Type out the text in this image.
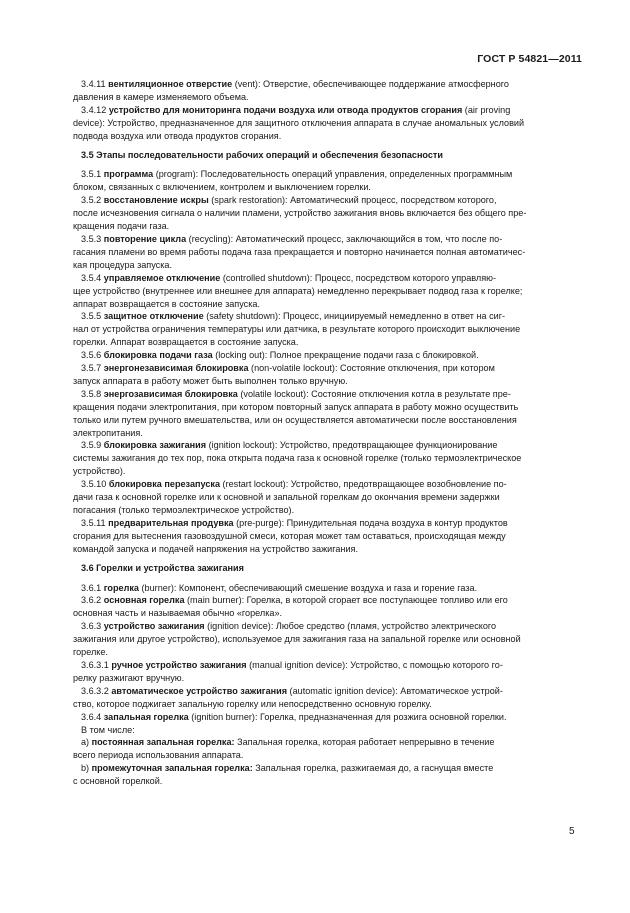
ГОСТ Р 54821—2011

3.4.11 вентиляционное отверстие (vent): Отверстие, обеспечивающее поддержание атмосферного
давления в камере изменяемого объема.

3.4.12 устройство для мониторинга подачи воздуха или отвода продуктов сгорания (air proving
device): Устройство, предназначенное для защитного отключения аппарата в случае аномальных условий
подвода воздуха или отвода продуктов сгорания.

3.5 Этапы последовательности рабочих операций и обеспечения безопасности

3.5.1 программа (program): Последовательность операций управления, определенных программным
блоком, связанных с включением, контролем и выключением горелки.

3.5.2 восстановление искры (spark restoration): Автоматический процесс, посредством которого,
после исчезновения сигнала о наличии пламени, устройство зажигания вновь включается без общего пре-
кращения подачи газа.

3.5.3 повторение цикла (recycling): Автоматический процесс, заключающийся в том, что после по-
гасания пламени во время работы подача газа прекращается и повторно начинается полная автоматичес-
кая процедура запуска.

3.5.4 управляемое отключение (controlled shutdown): Процесс, посредством которого управляю-
щее устройство (внутреннее или внешнее для аппарата) немедленно перекрывает подвод газа к горелке;
аппарат возвращается в состояние запуска.

3.5.5 защитное отключение (safety shutdown): Процесс, инициируемый немедленно в ответ на сиг-
нал от устройства ограничения температуры или датчика, в результате которого происходит выключение
горелки. Аппарат возвращается в состояние запуска.

3.5.6 блокировка подачи газа (locking out): Полное прекращение подачи газа с блокировкой.

3.5.7 энергонезависимая блокировка (non-volatile lockout): Состояние отключения, при котором
запуск аппарата в работу может быть выполнен только вручную.

3.5.8 энергозависимая блокировка (volatile lockout): Состояние отключения котла в результате пре-
кращения подачи электропитания, при котором повторный запуск аппарата в работу можно осуществить
только или путем ручного вмешательства, или он осуществляется автоматически после восстановления
электропитания.

3.5.9 блокировка зажигания (ignition lockout): Устройство, предотвращающее функционирование
системы зажигания до тех пор, пока открыта подача газа к основной горелке (только термоэлектрическое
устройство).

3.5.10 блокировка перезапуска (restart lockout): Устройство, предотвращающее возобновление по-
дачи газа к основной горелке или к основной и запальной горелкам до окончания времени задержки
погасания (только термоэлектрическое устройство).

3.5.11 предварительная продувка (pre-purge): Принудительная подача воздуха в контур продуктов
сгорания для вытеснения газовоздушной смеси, которая может там оставаться, происходящая между
командой запуска и подачей напряжения на устройство зажигания.

3.6 Горелки и устройства зажигания

3.6.1 горелка (burner): Компонент, обеспечивающий смешение воздуха и газа и горение газа.

3.6.2 основная горелка (main burner): Горелка, в которой сгорает все поступающее топливо или его
основная часть и называемая обычно «горелка».

3.6.3 устройство зажигания (ignition device): Любое средство (пламя, устройство электрического
зажигания или другое устройство), используемое для зажигания газа на запальной горелке или основной
горелке.

3.6.3.1 ручное устройство зажигания (manual ignition device): Устройство, с помощью которого го-
релку разжигают вручную.

3.6.3.2 автоматическое устройство зажигания (automatic ignition device): Автоматическое устрой-
ство, которое поджигает запальную горелку или непосредственно основную горелку.

3.6.4 запальная горелка (ignition burner): Горелка, предназначенная для розжига основной горелки.

В том числе:

a) постоянная запальная горелка: Запальная горелка, которая работает непрерывно в течение
всего периода использования аппарата.

b) промежуточная запальная горелка: Запальная горелка, разжигаемая до, а гаснущая вместе
с основной горелкой.

5
